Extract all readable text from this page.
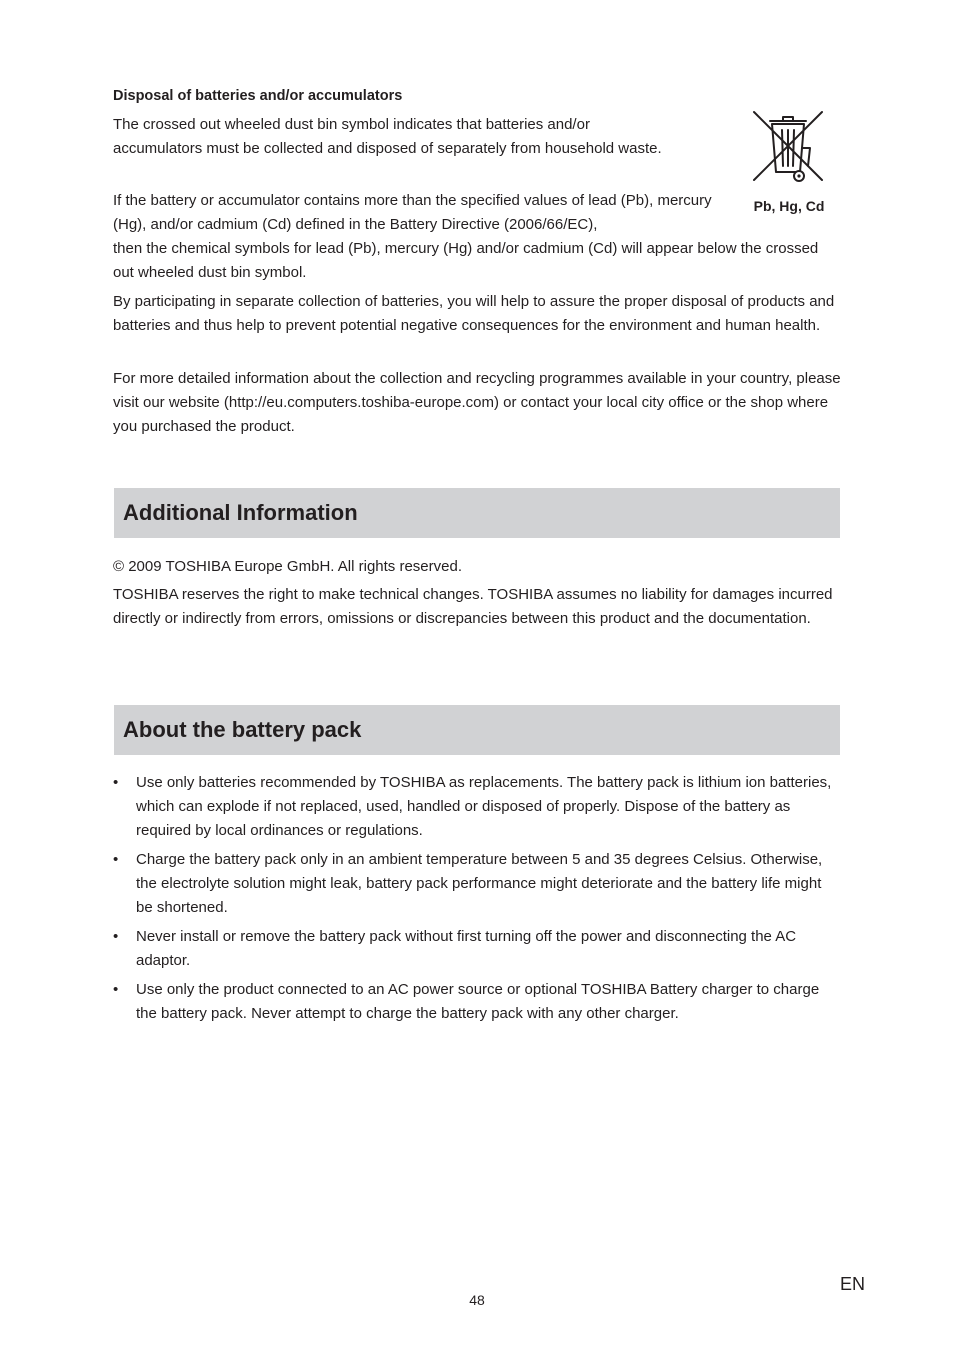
Disposal of batteries and/or accumulators

The crossed out wheeled dust bin symbol indicates that batteries and/or accumulators must be collected and disposed of separately from household waste.

If the battery or accumulator contains more than the specified values of lead (Pb), mercury (Hg), and/or cadmium (Cd) defined in the Battery Directive (2006/66/EC),
then the chemical symbols for lead (Pb), mercury (Hg) and/or cadmium (Cd) will appear below the crossed out wheeled dust bin symbol.

Pb, Hg, Cd

By participating in separate collection of batteries, you will help to assure the proper disposal of products and batteries and thus help to prevent potential negative consequences for the environment and human health.

For more detailed information about the collection and recycling programmes available in your country, please visit our website (http://eu.computers.toshiba-europe.com) or contact your local city office or the shop where you purchased the product.

Additional Information

© 2009 TOSHIBA Europe GmbH. All rights reserved.

TOSHIBA reserves the right to make technical changes. TOSHIBA assumes no liability for damages incurred directly or indirectly from errors, omissions or discrepancies between this product and the documentation.

About the battery pack
•	Use only batteries recommended by TOSHIBA as replacements. The battery pack is lithium ion batteries, which can explode if not replaced, used, handled or disposed of properly. Dispose of the battery as required by local ordinances or regulations.
•	Charge the battery pack only in an ambient temperature between 5 and 35 degrees Celsius. Otherwise, the electrolyte solution might leak, battery pack performance might deteriorate and the battery life might be shortened.
•	Never install or remove the battery pack without first turning off the power and disconnecting the AC adaptor.
•	Use only the product connected to an AC power source or optional TOSHIBA Battery charger to charge the battery pack. Never attempt to charge the battery pack with any other charger.
EN
48
